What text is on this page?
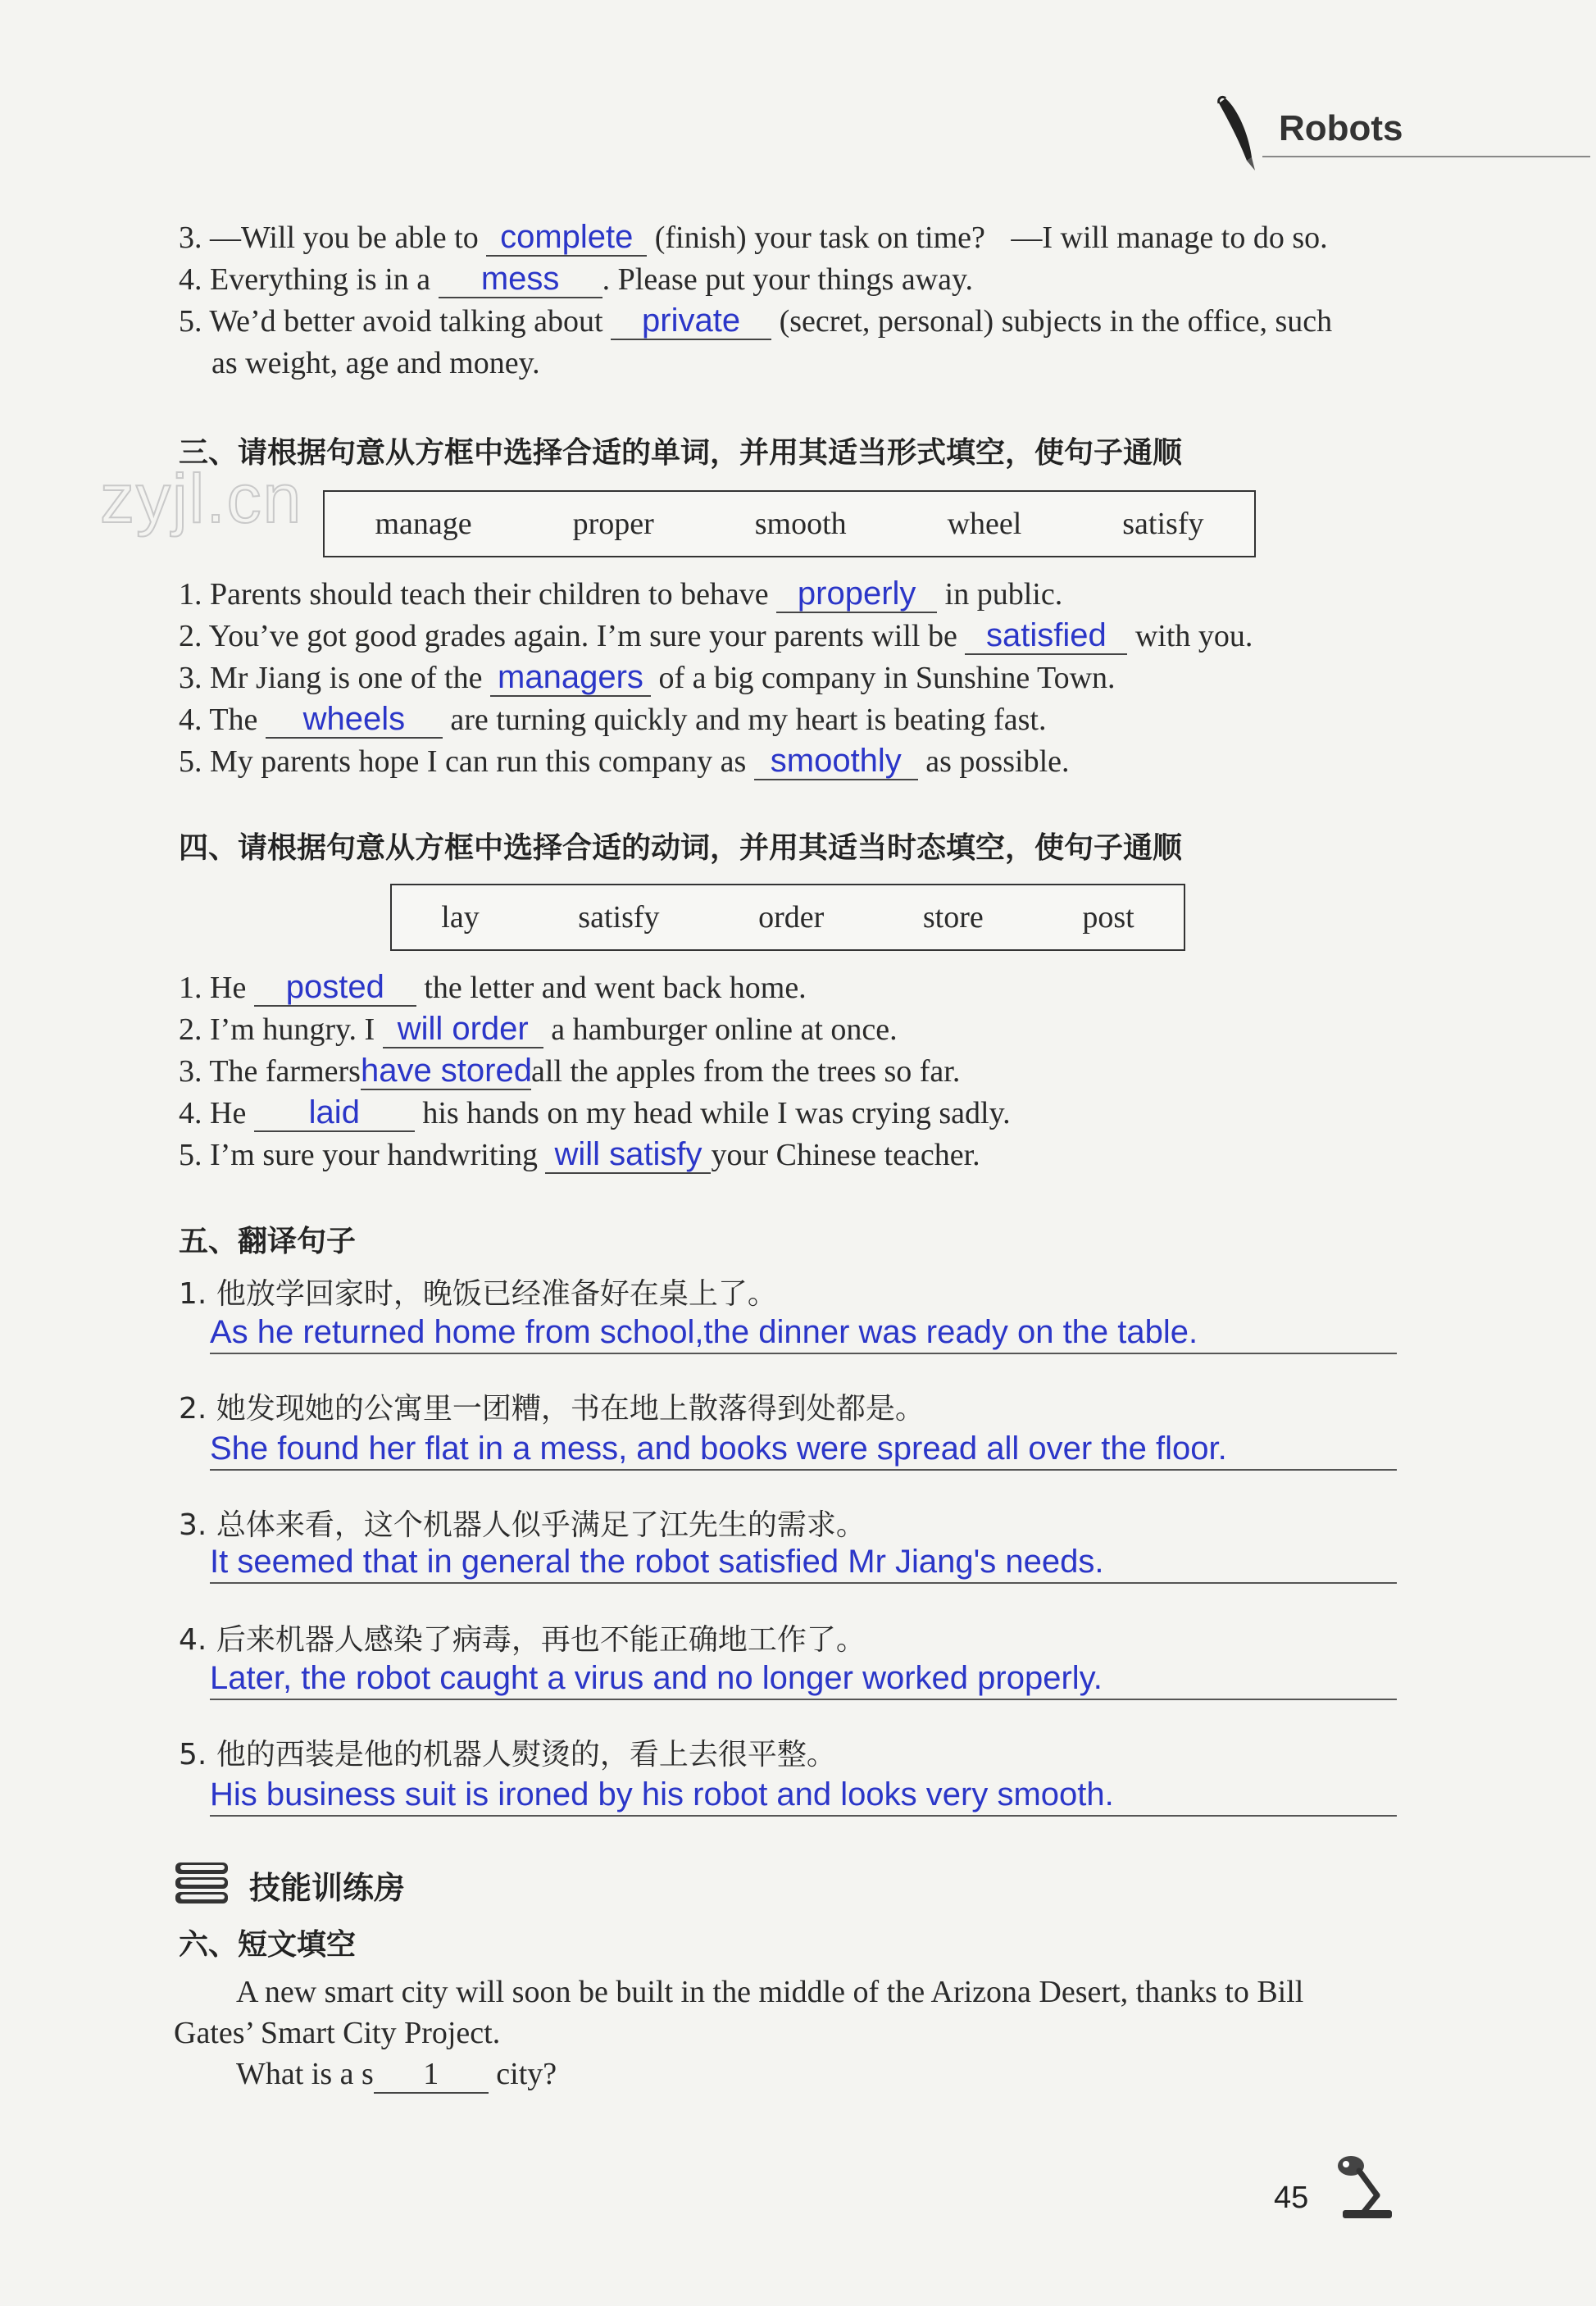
Robots
zyjl.cn
3. —Will you be able to complete (finish) your task on time? —I will manage to do so.
4. Everything is in a mess . Please put your things away.
5. We’d better avoid talking about private (secret, personal) subjects in the office, such
as weight, age and money.
三、请根据句意从方框中选择合适的单词，并用其适当形式填空，使句子通顺
manage	proper	smooth	wheel	satisfy
1. Parents should teach their children to behave properly in public.
2. You’ve got good grades again. I’m sure your parents will be satisfied with you.
3. Mr Jiang is one of the managers of a big company in Sunshine Town.
4. The wheels are turning quickly and my heart is beating fast.
5. My parents hope I can run this company as smoothly as possible.
四、请根据句意从方框中选择合适的动词，并用其适当时态填空，使句子通顺
lay	satisfy	order	store	post
1. He posted the letter and went back home.
2. I’m hungry. I will order a hamburger online at once.
3. The farmershave storedall the apples from the trees so far.
4. He laid his hands on my head while I was crying sadly.
5. I’m sure your handwriting will satisfy your Chinese teacher.
五、翻译句子
1. 他放学回家时，晚饭已经准备好在桌上了。
As he returned home from school,the dinner was ready on the table.
2. 她发现她的公寓里一团糟，书在地上散落得到处都是。
She found her flat in a mess, and books were spread all over the floor.
3. 总体来看，这个机器人似乎满足了江先生的需求。
It seemed that in general the robot satisfied Mr Jiang's needs.
4. 后来机器人感染了病毒，再也不能正确地工作了。
Later, the robot caught a virus and no longer worked properly.
5. 他的西装是他的机器人熨烫的，看上去很平整。
His business suit is ironed by his robot and looks very smooth.
技能训练房
六、短文填空
A new smart city will soon be built in the middle of the Arizona Desert, thanks to Bill
Gates’ Smart City Project.
What is a s 1 city?
45
